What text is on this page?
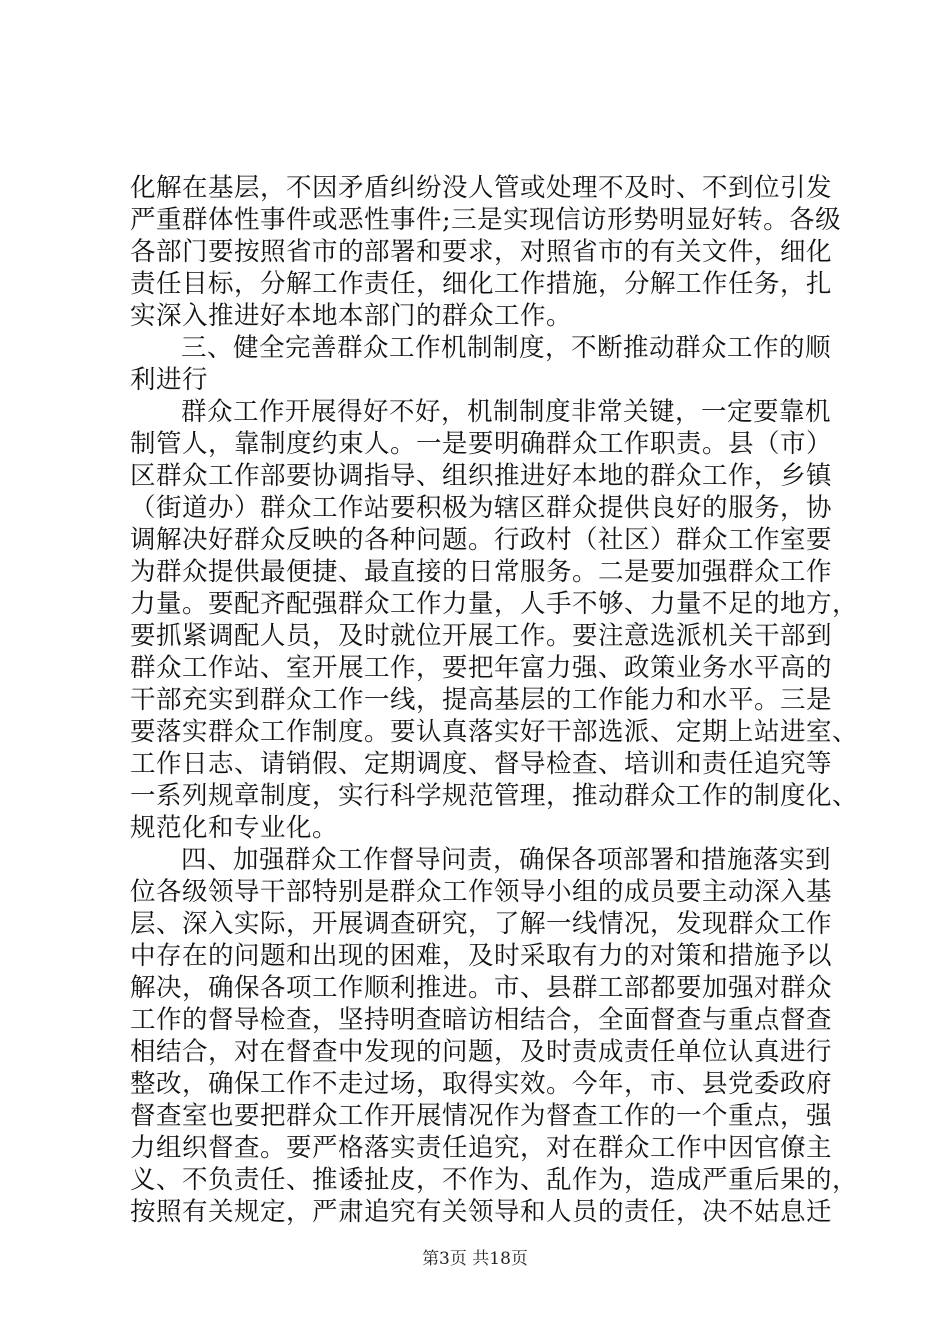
化解在基层，不因矛盾纠纷没人管或处理不及时、不到位引发
严重群体性事件或恶性事件;三是实现信访形势明显好转。各级
各部门要按照省市的部署和要求，对照省市的有关文件，细化
责任目标，分解工作责任，细化工作措施，分解工作任务，扎
实深入推进好本地本部门的群众工作。
三、健全完善群众工作机制制度，不断推动群众工作的顺
利进行
群众工作开展得好不好，机制制度非常关键，一定要靠机
制管人，靠制度约束人。一是要明确群众工作职责。县（市）
区群众工作部要协调指导、组织推进好本地的群众工作，乡镇
（街道办）群众工作站要积极为辖区群众提供良好的服务，协
调解决好群众反映的各种问题。行政村（社区）群众工作室要
为群众提供最便捷、最直接的日常服务。二是要加强群众工作
力量。要配齐配强群众工作力量，人手不够、力量不足的地方，
要抓紧调配人员，及时就位开展工作。要注意选派机关干部到
群众工作站、室开展工作，要把年富力强、政策业务水平高的
干部充实到群众工作一线，提高基层的工作能力和水平。三是
要落实群众工作制度。要认真落实好干部选派、定期上站进室、
工作日志、请销假、定期调度、督导检查、培训和责任追究等
一系列规章制度，实行科学规范管理，推动群众工作的制度化、
规范化和专业化。
四、加强群众工作督导问责，确保各项部署和措施落实到
位各级领导干部特别是群众工作领导小组的成员要主动深入基
层、深入实际，开展调查研究，了解一线情况，发现群众工作
中存在的问题和出现的困难，及时采取有力的对策和措施予以
解决，确保各项工作顺利推进。市、县群工部都要加强对群众
工作的督导检查，坚持明查暗访相结合，全面督查与重点督查
相结合，对在督查中发现的问题，及时责成责任单位认真进行
整改，确保工作不走过场，取得实效。今年，市、县党委政府
督查室也要把群众工作开展情况作为督查工作的一个重点，强
力组织督查。要严格落实责任追究，对在群众工作中因官僚主
义、不负责任、推诿扯皮，不作为、乱作为，造成严重后果的，
按照有关规定，严肃追究有关领导和人员的责任，决不姑息迁
第3页 共18页
